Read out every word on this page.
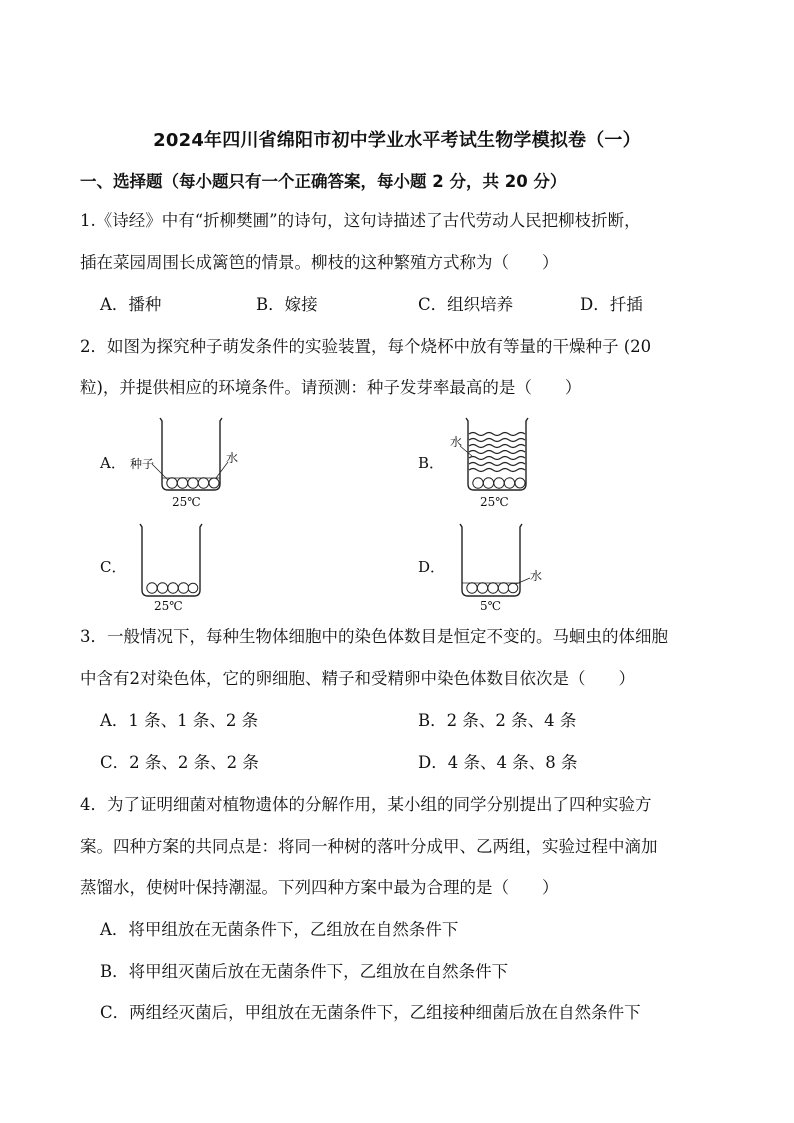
2024年四川省绵阳市初中学业水平考试生物学模拟卷（一）
一、选择题（每小题只有一个正确答案，每小题 2 分，共 20 分）
1.《诗经》中有“折柳樊圃”的诗句，这句诗描述了古代劳动人民把柳枝折断，
插在菜园周围长成篱笆的情景。柳枝的这种繁殖方式称为（　　）
A．播种	B．嫁接	C．组织培养	D．扦插
2．如图为探究种子萌发条件的实验装置，每个烧杯中放有等量的干燥种子 (20
粒)，并提供相应的环境条件。请预测：种子发芽率最高的是（　　）
A． 种子	水
25℃
B．
水
25℃
C．
25℃
D．	水
5℃
3．一般情况下，每种生物体细胞中的染色体数目是恒定不变的。马蛔虫的体细胞
中含有2对染色体，它的卵细胞、精子和受精卵中染色体数目依次是（　　）
A．1 条、1 条、2 条	B．2 条、2 条、4 条
C．2 条、2 条、2 条	D．4 条、4 条、8 条
4．为了证明细菌对植物遗体的分解作用，某小组的同学分别提出了四种实验方
案。四种方案的共同点是：将同一种树的落叶分成甲、乙两组，实验过程中滴加
蒸馏水，使树叶保持潮湿。下列四种方案中最为合理的是（　　）
A．将甲组放在无菌条件下，乙组放在自然条件下
B．将甲组灭菌后放在无菌条件下，乙组放在自然条件下
C．两组经灭菌后，甲组放在无菌条件下，乙组接种细菌后放在自然条件下
